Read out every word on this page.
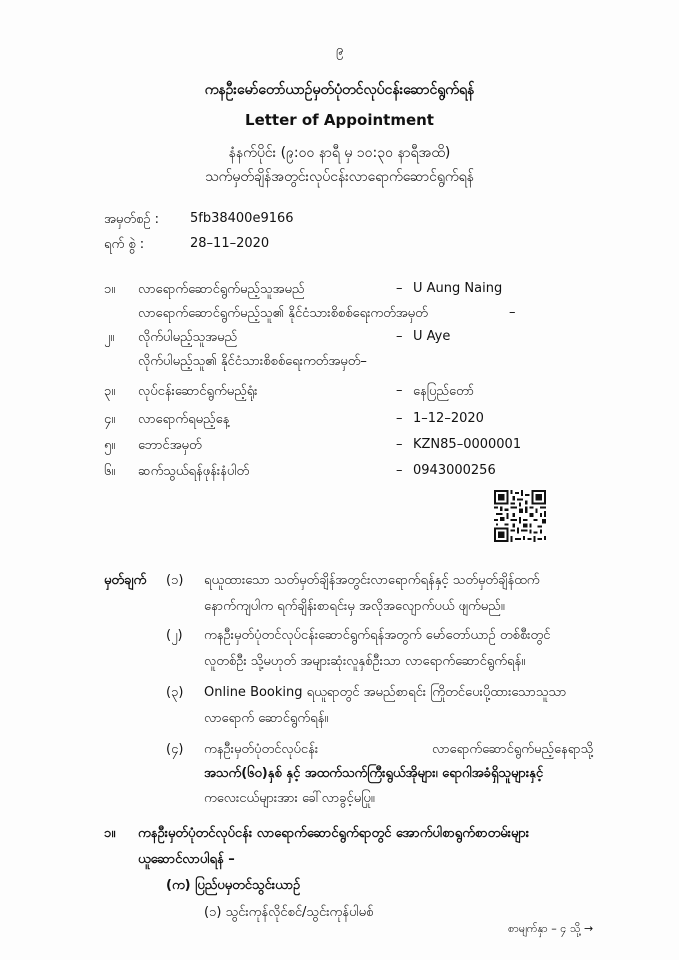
၉
ကနဦးမော်တော်ယာဉ်မှတ်ပုံတင်လုပ်ငန်းဆောင်ရွက်ရန်
Letter of Appointment
နံနက်ပိုင်း (၉:၀၀ နာရီ မှ ၁၀:၃၀ နာရီအထိ)
သက်မှတ်ချိန်အတွင်းလုပ်ငန်းလာရောက်ဆောင်ရွက်ရန်
အမှတ်စဉ် : 5fb38400e9166
ရက် စွဲ :	28–11–2020
၁။ လာရောက်ဆောင်ရွက်မည့်သူအမည်	– U Aung Naing
လာရောက်ဆောင်ရွက်မည့်သူ၏ နိုင်ငံသားစိစစ်ရေးကတ်အမှတ်	–
၂။ လိုက်ပါမည့်သူအမည်	– U Aye
လိုက်ပါမည့်သူ၏ နိုင်ငံသားစိစစ်ရေးကတ်အမှတ်–
၃။ လုပ်ငန်းဆောင်ရွက်မည့်ရုံး	– နေပြည်တော်
၄။ လာရောက်ရမည့်နေ့	– 1–12–2020
၅။ ဘောင်အမှတ်	– KZN85–0000001
၆။ ဆက်သွယ်ရန်ဖုန်းနံပါတ်	– 0943000256
မှတ်ချက် (၁) ရယူထားသော သတ်မှတ်ချိန်အတွင်းလာရောက်ရန်နှင့် သတ်မှတ်ချိန်ထက်
နောက်ကျပါက ရက်ချိန်းစာရင်းမှ အလိုအလျောက်ပယ် ဖျက်မည်။
(၂) ကနဦးမှတ်ပုံတင်လုပ်ငန်းဆောင်ရွက်ရန်အတွက် မော်တော်ယာဉ် တစ်စီးတွင်
လူတစ်ဦး သို့မဟုတ် အများဆုံးလူနှစ်ဦးသာ လာရောက်ဆောင်ရွက်ရန်။
(၃) Online Booking ရယူရာတွင် အမည်စာရင်း ကြိုတင်ပေးပို့ထားသောသူသာ
လာရောက် ဆောင်ရွက်ရန်။
(၄) ကနဦးမှတ်ပုံတင်လုပ်ငန်း	လာရောက်ဆောင်ရွက်မည့်နေရာသို့
အသက်(၆၀)နှစ် နှင့် အထက်သက်ကြီးရွယ်အိုများ၊ ရောဂါအခံရှိသူများနှင့်
ကလေးငယ်များအား ခေါ်လာခွင့်မပြု။
၁။ ကနဦးမှတ်ပုံတင်လုပ်ငန်း လာရောက်ဆောင်ရွက်ရာတွင် အောက်ပါစာရွက်စာတမ်းများ
ယူဆောင်လာပါရန် –
(က) ပြည်ပမှတင်သွင်းယာဉ်
(၁) သွင်းကုန်လိုင်စင်/သွင်းကုန်ပါမစ်
စာမျက်နှာ – ၄ သို့ →
